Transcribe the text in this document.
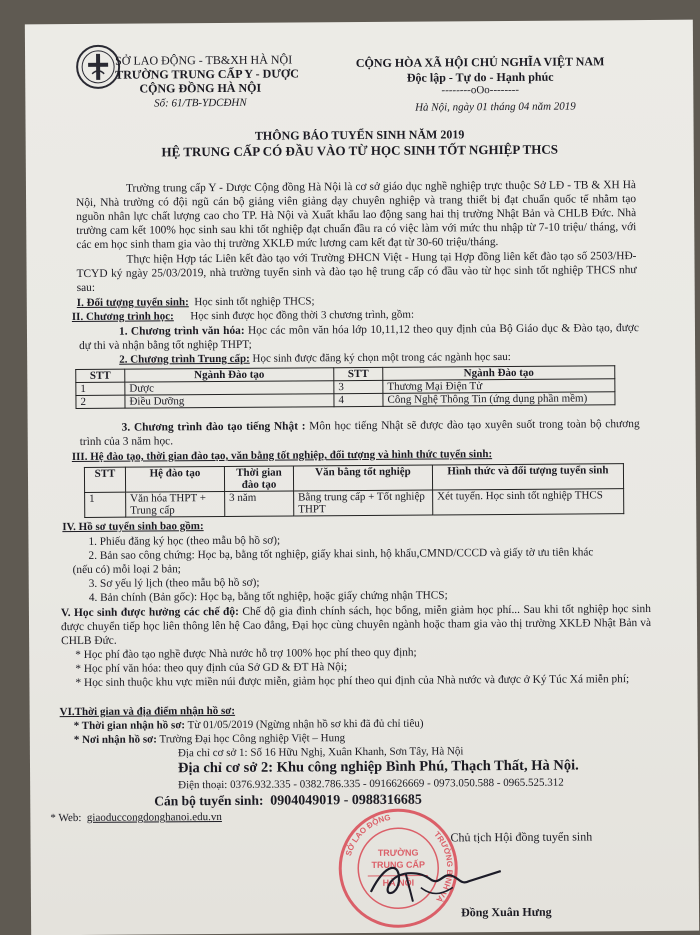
SỞ LAO ĐỘNG - TB&XH HÀ NỘI
TRƯỜNG TRUNG CẤP Y - DƯỢC
CỘNG ĐỒNG HÀ NỘI
Số: 61/TB-YDCĐHN
CỘNG HÒA XÃ HỘI CHỦ NGHĨA VIỆT NAM
Độc lập - Tự do - Hạnh phúc
--------oOo--------
Hà Nội, ngày 01 tháng 04 năm 2019
THÔNG BÁO TUYỂN SINH NĂM 2019
HỆ TRUNG CẤP CÓ ĐẦU VÀO TỪ HỌC SINH TỐT NGHIỆP THCS

Trường trung cấp Y - Dược Cộng đồng Hà Nội là cơ sở giáo dục nghề nghiệp trực thuộc Sở LĐ - TB & XH Hà Nội, Nhà trường có đội ngũ cán bộ giảng viên giảng dạy chuyên nghiệp và trang thiết bị đạt chuẩn quốc tế nhằm tạo nguồn nhân lực chất lượng cao cho TP. Hà Nội và Xuất khẩu lao động sang hai thị trường Nhật Bản và CHLB Đức. Nhà trường cam kết 100% học sinh sau khi tốt nghiệp đạt chuẩn đầu ra có việc làm với mức thu nhập từ 7-10 triệu/ tháng, với các em học sinh tham gia vào thị trường XKLĐ mức lương cam kết đạt từ 30-60 triệu/tháng.

Thực hiện Hợp tác Liên kết đào tạo với Trường ĐHCN Việt - Hung tại Hợp đồng liên kết đào tạo số 2503/HĐ-TCYD ký ngày 25/03/2019, nhà trường tuyển sinh và đào tạo hệ trung cấp có đầu vào từ học sinh tốt nghiệp THCS như sau:

I. Đối tượng tuyển sinh: Học sinh tốt nghiệp THCS;
II. Chương trình học: Học sinh được học đồng thời 3 chương trình, gồm:

1. Chương trình văn hóa: Học các môn văn hóa lớp 10,11,12 theo quy định của Bộ Giáo dục & Đào tạo, được dự thi và nhận bằng tốt nghiệp THPT;

2. Chương trình Trung cấp: Học sinh được đăng ký chọn một trong các ngành học sau:
STT	Ngành Đào tạo	STT	Ngành Đào tạo
1	Dược	3	Thương Mại Điện Tử
2	Điều Dưỡng	4	Công Nghệ Thông Tin (ứng dụng phần mềm)

3. Chương trình đào tạo tiếng Nhật : Môn học tiếng Nhật sẽ được đào tạo xuyên suốt trong toàn bộ chương trình của 3 năm học.

III. Hệ đào tạo, thời gian đào tạo, văn bằng tốt nghiệp, đối tượng và hình thức tuyển sinh:
STT	Hệ đào tạo	Thời gian đào tạo	Văn bằng tốt nghiệp	Hình thức và đối tượng tuyển sinh
1	Văn hóa THPT + Trung cấp	3 năm	Bằng trung cấp + Tốt nghiệp THPT	Xét tuyển. Học sinh tốt nghiệp THCS
IV. Hồ sơ tuyển sinh bao gồm:
1. Phiếu đăng ký học (theo mẫu bộ hồ sơ);
2. Bản sao công chứng: Học bạ, bằng tốt nghiệp, giấy khai sinh, hộ khẩu,CMND/CCCD và giấy tờ ưu tiên khác
(nếu có) mỗi loại 2 bản;
3. Sơ yếu lý lịch (theo mẫu bộ hồ sơ);
4. Bản chính (Bản gốc): Học bạ, bằng tốt nghiệp, hoặc giấy chứng nhận THCS;

V. Học sinh được hưởng các chế độ: Chế độ gia đình chính sách, học bổng, miễn giảm học phí... Sau khi tốt nghiệp học sinh được chuyển tiếp học liên thông lên hệ Cao đẳng, Đại học cùng chuyên ngành hoặc tham gia vào thị trường XKLĐ Nhật Bản và CHLB Đức.

* Học phí đào tạo nghề được Nhà nước hỗ trợ 100% học phí theo quy định;
* Học phí văn hóa: theo quy định của Sở GD & ĐT Hà Nội;

* Học sinh thuộc khu vực miền núi được miễn, giảm học phí theo qui định của Nhà nước và được ở Ký Túc Xá miễn phí;

VI.Thời gian và địa điểm nhận hồ sơ:
* Thời gian nhận hồ sơ: Từ 01/05/2019 (Ngừng nhận hồ sơ khi đã đủ chỉ tiêu)
* Nơi nhận hồ sơ: Trường Đại học Công nghiệp Việt – Hung
Địa chỉ cơ sở 1: Số 16 Hữu Nghị, Xuân Khanh, Sơn Tây, Hà Nội
Địa chỉ cơ sở 2: Khu công nghiệp Bình Phú, Thạch Thất, Hà Nội.
Điện thoại: 0376.932.335 - 0382.786.335 - 0916626669 - 0973.050.588 - 0965.525.312
Cán bộ tuyển sinh: 0904049019 - 0988316685
* Web: giaoduccongdonghanoi.edu.vn
Chủ tịch Hội đồng tuyển sinh
SỞ LAO ĐỘNG
TRƯỜNG BÌNH VÀ
TRƯỜNG
TRUNG CẤP
HÀ NỘI
Đồng Xuân Hưng
